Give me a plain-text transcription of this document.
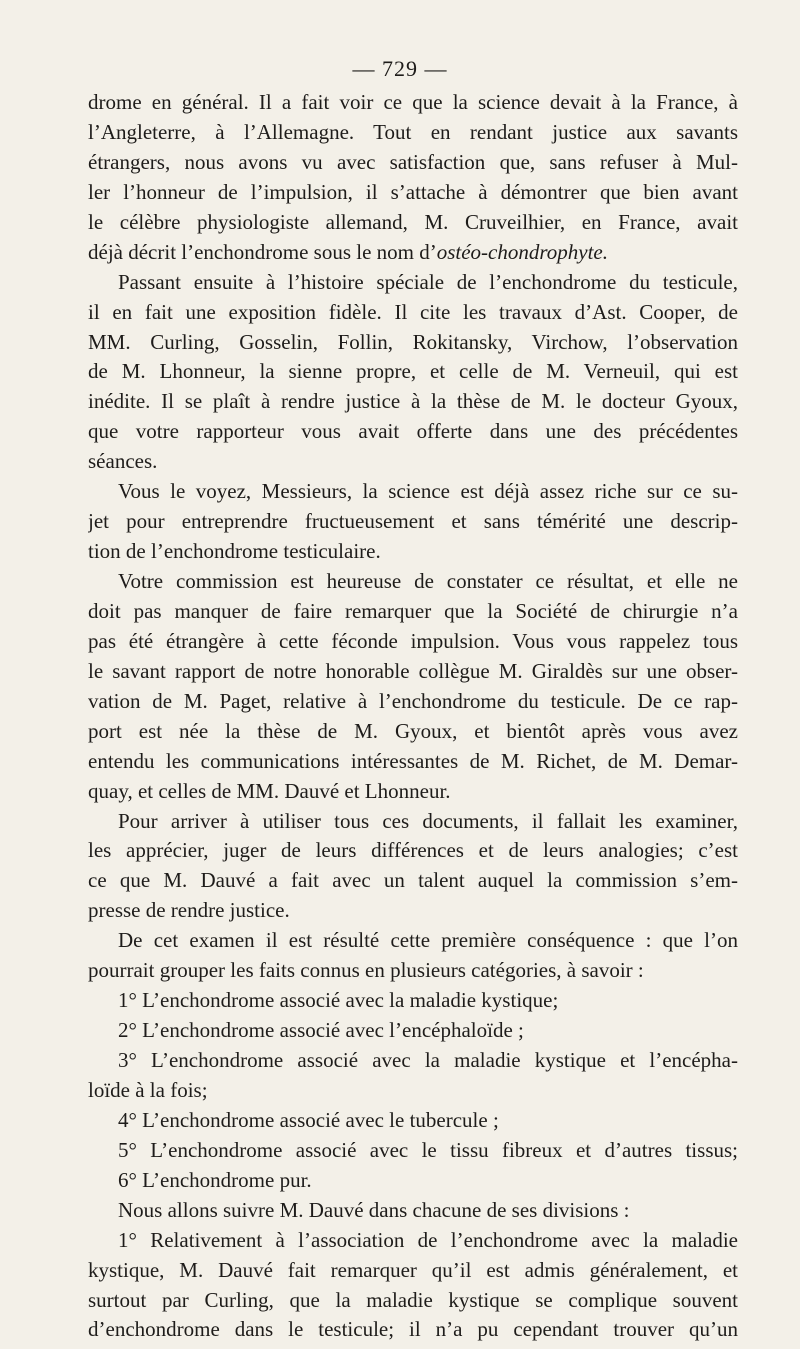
— 729 —
drome en général. Il a fait voir ce que la science devait à la France, à
l’Angleterre, à l’Allemagne. Tout en rendant justice aux savants
étrangers, nous avons vu avec satisfaction que, sans refuser à Mul-
ler l’honneur de l’impulsion, il s’attache à démontrer que bien avant
le célèbre physiologiste allemand, M. Cruveilhier, en France, avait
déjà décrit l’enchondrome sous le nom d’ostéo-chondrophyte.
Passant ensuite à l’histoire spéciale de l’enchondrome du testicule,
il en fait une exposition fidèle. Il cite les travaux d’Ast. Cooper, de
MM. Curling, Gosselin, Follin, Rokitansky, Virchow, l’observation
de M. Lhonneur, la sienne propre, et celle de M. Verneuil, qui est
inédite. Il se plaît à rendre justice à la thèse de M. le docteur Gyoux,
que votre rapporteur vous avait offerte dans une des précédentes
séances.
Vous le voyez, Messieurs, la science est déjà assez riche sur ce su-
jet pour entreprendre fructueusement et sans témérité une descrip-
tion de l’enchondrome testiculaire.
Votre commission est heureuse de constater ce résultat, et elle ne
doit pas manquer de faire remarquer que la Société de chirurgie n’a
pas été étrangère à cette féconde impulsion. Vous vous rappelez tous
le savant rapport de notre honorable collègue M. Giraldès sur une obser-
vation de M. Paget, relative à l’enchondrome du testicule. De ce rap-
port est née la thèse de M. Gyoux, et bientôt après vous avez
entendu les communications intéressantes de M. Richet, de M. Demar-
quay, et celles de MM. Dauvé et Lhonneur.
Pour arriver à utiliser tous ces documents, il fallait les examiner,
les apprécier, juger de leurs différences et de leurs analogies; c’est
ce que M. Dauvé a fait avec un talent auquel la commission s’em-
presse de rendre justice.
De cet examen il est résulté cette première conséquence : que l’on
pourrait grouper les faits connus en plusieurs catégories, à savoir :
1° L’enchondrome associé avec la maladie kystique;
2° L’enchondrome associé avec l’encéphaloïde ;
3° L’enchondrome associé avec la maladie kystique et l’encépha-
loïde à la fois;
4° L’enchondrome associé avec le tubercule ;
5° L’enchondrome associé avec le tissu fibreux et d’autres tissus;
6° L’enchondrome pur.
Nous allons suivre M. Dauvé dans chacune de ses divisions :
1° Relativement à l’association de l’enchondrome avec la maladie
kystique, M. Dauvé fait remarquer qu’il est admis généralement, et
surtout par Curling, que la maladie kystique se complique souvent
d’enchondrome dans le testicule; il n’a pu cependant trouver qu’un
